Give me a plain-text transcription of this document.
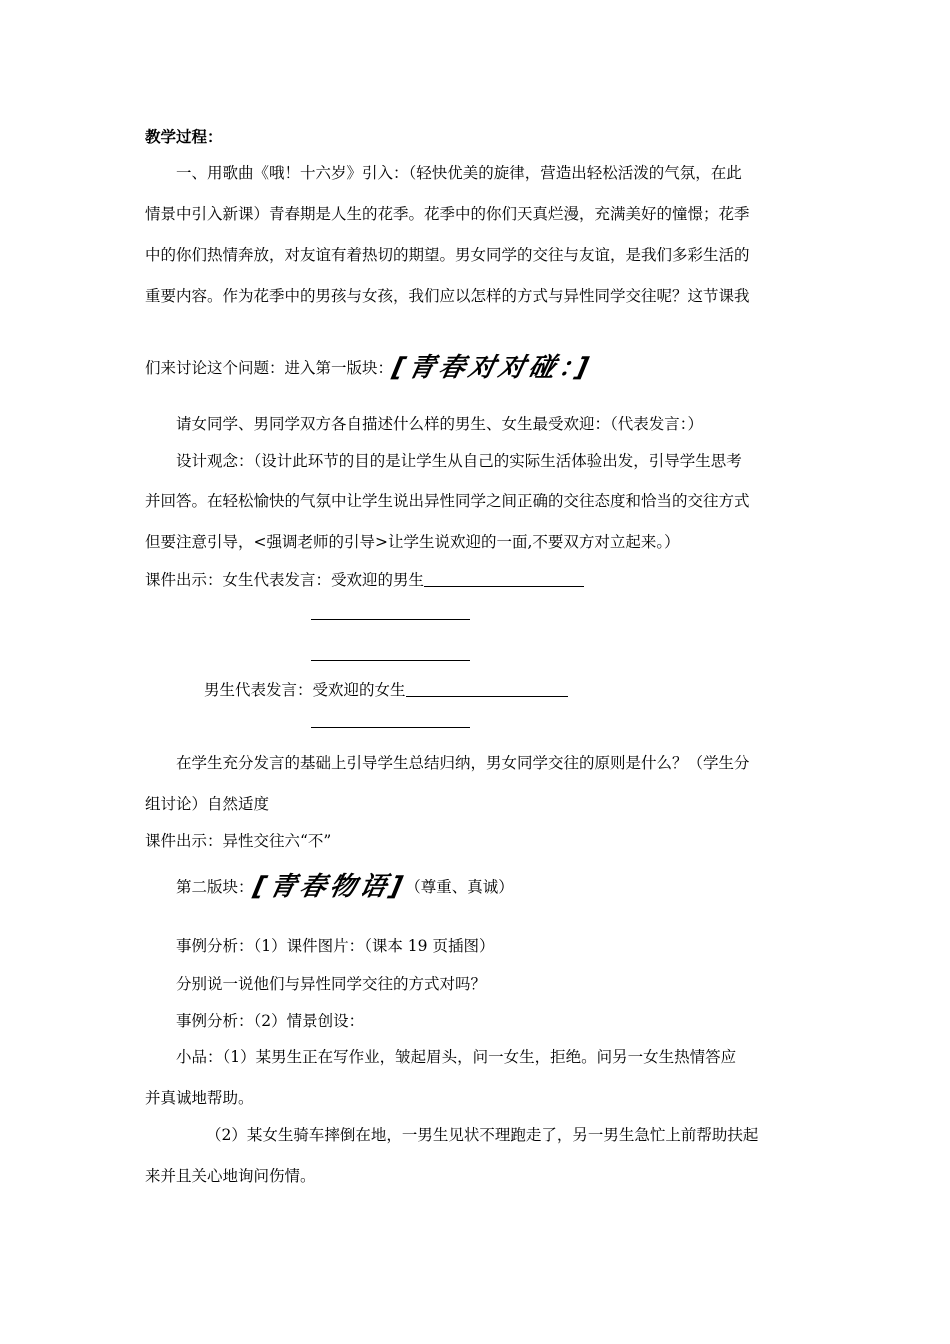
教学过程：
一、用歌曲《哦！十六岁》引入：（轻快优美的旋律，营造出轻松活泼的气氛，在此
情景中引入新课）青春期是人生的花季。花季中的你们天真烂漫，充满美好的憧憬；花季
中的你们热情奔放，对友谊有着热切的期望。男女同学的交往与友谊，是我们多彩生活的
重要内容。作为花季中的男孩与女孩，我们应以怎样的方式与异性同学交往呢？这节课我
们来讨论这个问题：进入第一版块：[青春对对碰：]
请女同学、男同学双方各自描述什么样的男生、女生最受欢迎：（代表发言：）
设计观念：（设计此环节的目的是让学生从自己的实际生活体验出发，引导学生思考
并回答。在轻松愉快的气氛中让学生说出异性同学之间正确的交往态度和恰当的交往方式
但要注意引导，<强调老师的引导>让学生说欢迎的一面,不要双方对立起来。）
课件出示：女生代表发言：受欢迎的男生
男生代表发言：受欢迎的女生
在学生充分发言的基础上引导学生总结归纳，男女同学交往的原则是什么？（学生分
组讨论）自然适度
课件出示：异性交往六“不”
第二版块：[青春物语]（尊重、真诚）
事例分析：（1）课件图片：（课本 19 页插图）
分别说一说他们与异性同学交往的方式对吗？
事例分析：（2）情景创设：
小品：（1）某男生正在写作业，皱起眉头，问一女生，拒绝。问另一女生热情答应
并真诚地帮助。
（2）某女生骑车摔倒在地，一男生见状不理跑走了，另一男生急忙上前帮助扶起
来并且关心地询问伤情。
